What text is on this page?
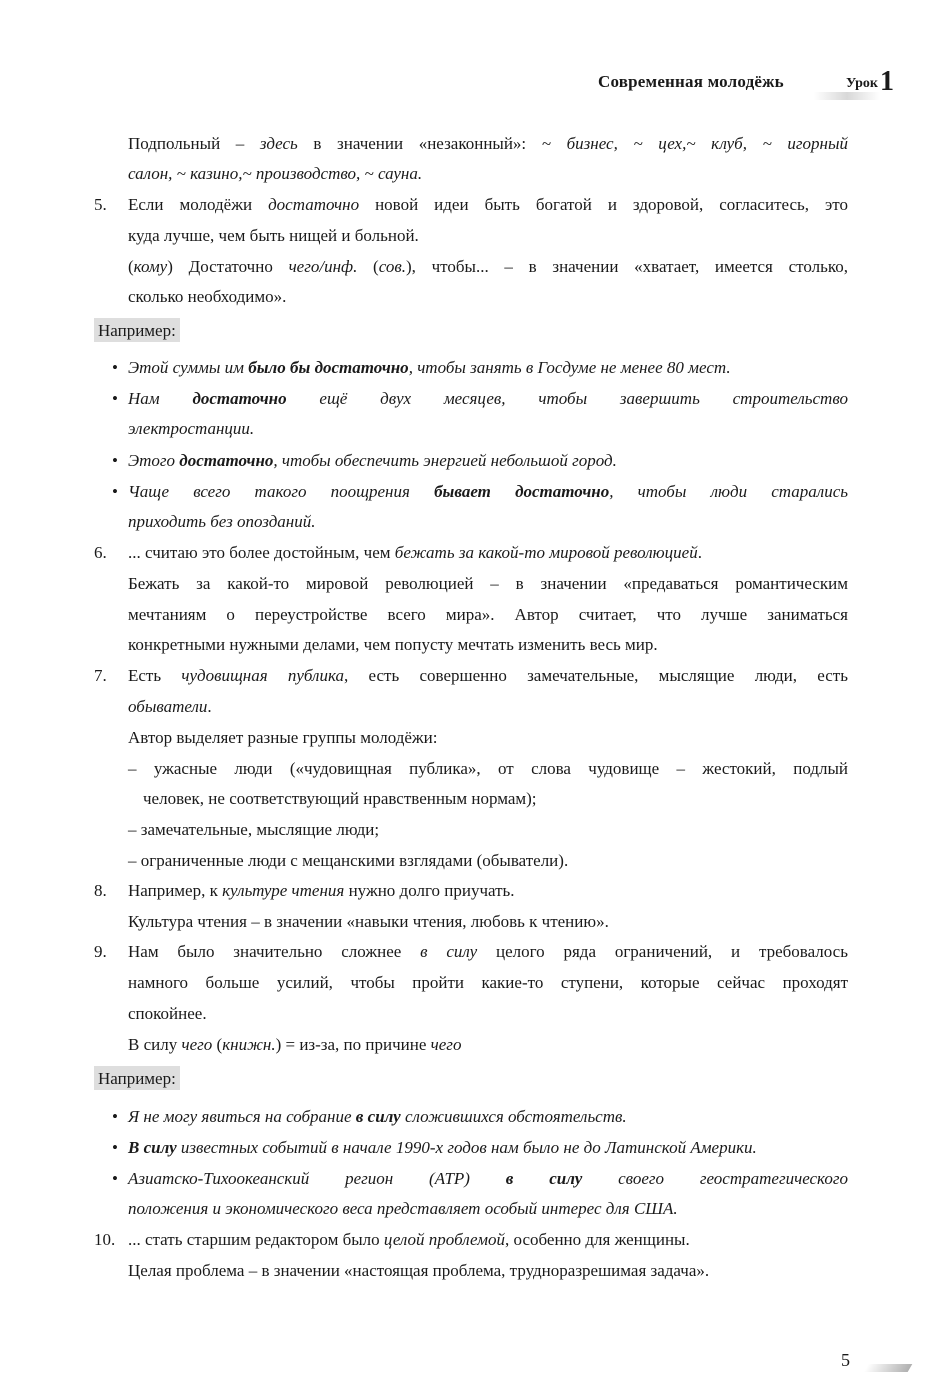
Современная молодёжь	Урок1
Подпольный – здесь в значении «незаконный»: ~ бизнес, ~ цех,~ клуб, ~ игорный
салон, ~ казино,~ производство, ~ сауна.
5. Если молодёжи достаточно новой идеи быть богатой и здоровой, согласитесь, это
куда лучше, чем быть нищей и больной.
(кому) Достаточно чего/инф. (сов.), чтобы... – в значении «хватает, имеется столько,
сколько необходимо».
Например:
• Этой суммы им было бы достаточно, чтобы занять в Госдуме не менее 80 мест.
• Нам достаточно ещё двух месяцев, чтобы завершить строительство
электростанции.
• Этого достаточно, чтобы обеспечить энергией небольшой город.
• Чаще всего такого поощрения бывает достаточно, чтобы люди старались
приходить без опозданий.
6. ... считаю это более достойным, чем бежать за какой-то мировой революцией.
Бежать за какой-то мировой революцией – в значении «предаваться романтическим
мечтаниям о переустройстве всего мира». Автор считает, что лучше заниматься
конкретными нужными делами, чем попусту мечтать изменить весь мир.
7. Есть чудовищная публика, есть совершенно замечательные, мыслящие люди, есть
обыватели.
Автор выделяет разные группы молодёжи:
– ужасные люди («чудовищная публика», от слова чудовище – жестокий, подлый
человек, не соответствующий нравственным нормам);
– замечательные, мыслящие люди;
– ограниченные люди с мещанскими взглядами (обыватели).
8. Например, к культуре чтения нужно долго приучать.
Культура чтения – в значении «навыки чтения, любовь к чтению».
9. Нам было значительно сложнее в силу целого ряда ограничений, и требовалось
намного больше усилий, чтобы пройти какие-то ступени, которые сейчас проходят
спокойнее.
В силу чего (книжн.) = из-за, по причине чего
Например:
• Я не могу явиться на собрание в силу сложившихся обстоятельств.
• В силу известных событий в начале 1990-х годов нам было не до Латинской Америки.
• Азиатско-Тихоокеанский регион (АТР) в силу своего геостратегического
положения и экономического веса представляет особый интерес для США.
10. ... стать старшим редактором было целой проблемой, особенно для женщины.
Целая проблема – в значении «настоящая проблема, трудноразрешимая задача».
5
